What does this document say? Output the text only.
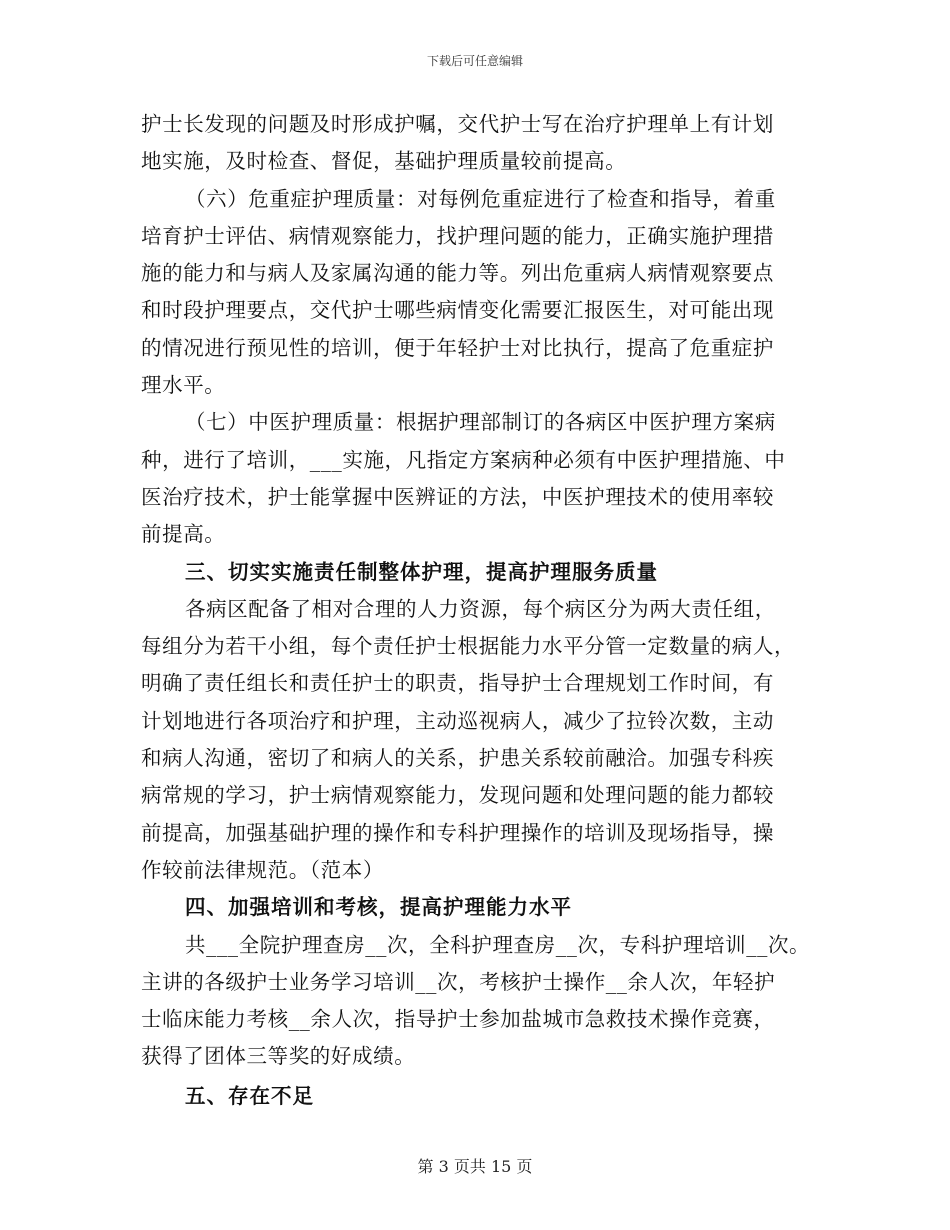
下载后可任意编辑
护士长发现的问题及时形成护嘱，交代护士写在治疗护理单上有计划
地实施，及时检查、督促，基础护理质量较前提高。
（六）危重症护理质量：对每例危重症进行了检查和指导，着重
培育护士评估、病情观察能力，找护理问题的能力，正确实施护理措
施的能力和与病人及家属沟通的能力等。列出危重病人病情观察要点
和时段护理要点，交代护士哪些病情变化需要汇报医生，对可能出现
的情况进行预见性的培训，便于年轻护士对比执行，提高了危重症护
理水平。
（七）中医护理质量：根据护理部制订的各病区中医护理方案病
种，进行了培训，___实施，凡指定方案病种必须有中医护理措施、中
医治疗技术，护士能掌握中医辨证的方法，中医护理技术的使用率较
前提高。
三、切实实施责任制整体护理，提高护理服务质量
各病区配备了相对合理的人力资源，每个病区分为两大责任组，
每组分为若干小组，每个责任护士根据能力水平分管一定数量的病人，
明确了责任组长和责任护士的职责，指导护士合理规划工作时间，有
计划地进行各项治疗和护理，主动巡视病人，减少了拉铃次数，主动
和病人沟通，密切了和病人的关系，护患关系较前融洽。加强专科疾
病常规的学习，护士病情观察能力，发现问题和处理问题的能力都较
前提高，加强基础护理的操作和专科护理操作的培训及现场指导，操
作较前法律规范。（范本）
四、加强培训和考核，提高护理能力水平
共___全院护理查房__次，全科护理查房__次，专科护理培训__次。
主讲的各级护士业务学习培训__次，考核护士操作__余人次，年轻护
士临床能力考核__余人次，指导护士参加盐城市急救技术操作竞赛，
获得了团体三等奖的好成绩。
五、存在不足
第 3 页共 15 页
